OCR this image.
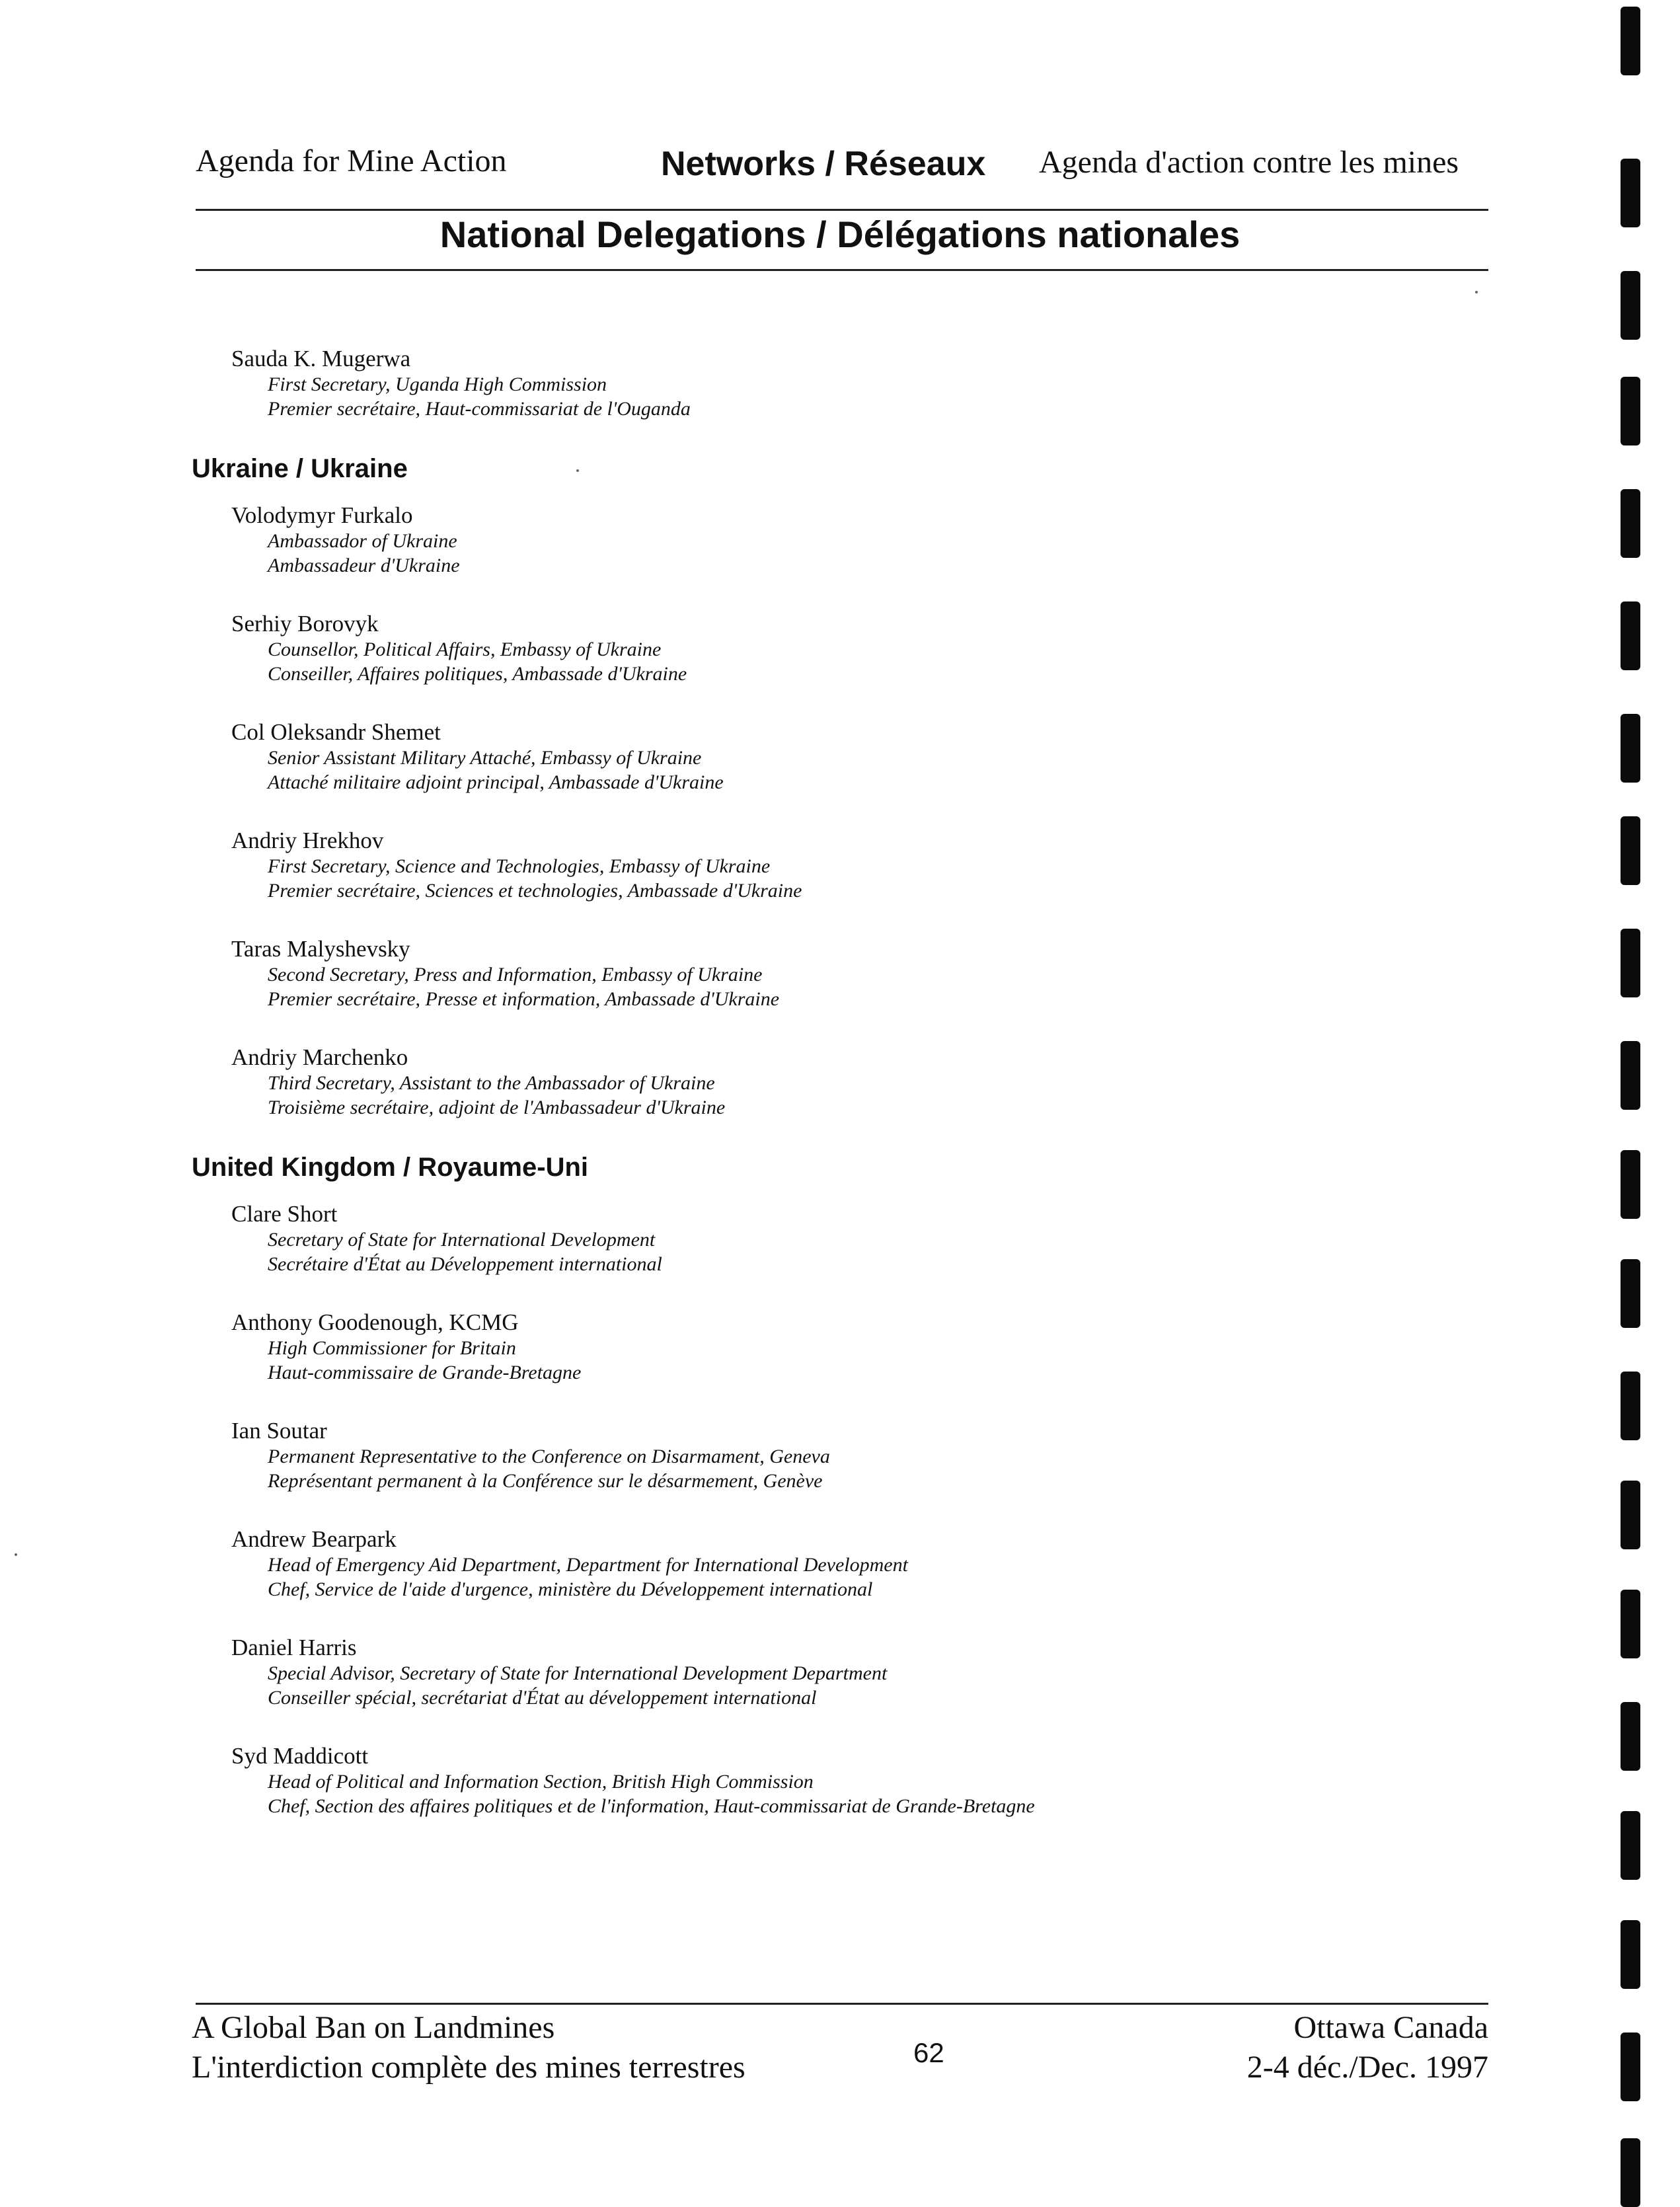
Agenda for Mine Action	Networks / Réseaux Agenda d'action contre les mines
National Delegations / Délégations nationales
Sauda K. Mugerwa
First Secretary, Uganda High Commission
Premier secrétaire, Haut-commissariat de l'Ouganda
Ukraine / Ukraine
Volodymyr Furkalo
Ambassador of Ukraine
Ambassadeur d'Ukraine
Serhiy Borovyk
Counsellor, Political Affairs, Embassy of Ukraine
Conseiller, Affaires politiques, Ambassade d'Ukraine
Col Oleksandr Shemet
Senior Assistant Military Attaché, Embassy of Ukraine
Attaché militaire adjoint principal, Ambassade d'Ukraine
Andriy Hrekhov
First Secretary, Science and Technologies, Embassy of Ukraine
Premier secrétaire, Sciences et technologies, Ambassade d'Ukraine
Taras Malyshevsky
Second Secretary, Press and Information, Embassy of Ukraine
Premier secrétaire, Presse et information, Ambassade d'Ukraine
Andriy Marchenko
Third Secretary, Assistant to the Ambassador of Ukraine
Troisième secrétaire, adjoint de l'Ambassadeur d'Ukraine
United Kingdom / Royaume-Uni
Clare Short
Secretary of State for International Development
Secrétaire d'État au Développement international
Anthony Goodenough, KCMG
High Commissioner for Britain
Haut-commissaire de Grande-Bretagne
Ian Soutar
Permanent Representative to the Conference on Disarmament, Geneva
Représentant permanent à la Conférence sur le désarmement, Genève
Andrew Bearpark
Head of Emergency Aid Department, Department for International Development
Chef, Service de l'aide d'urgence, ministère du Développement international
Daniel Harris
Special Advisor, Secretary of State for International Development Department
Conseiller spécial, secrétariat d'État au développement international
Syd Maddicott
Head of Political and Information Section, British High Commission
Chef, Section des affaires politiques et de l'information, Haut-commissariat de Grande-Bretagne
A Global Ban on Landmines
L'interdiction complète des mines terrestres	62
Ottawa Canada
2-4 déc./Dec. 1997
